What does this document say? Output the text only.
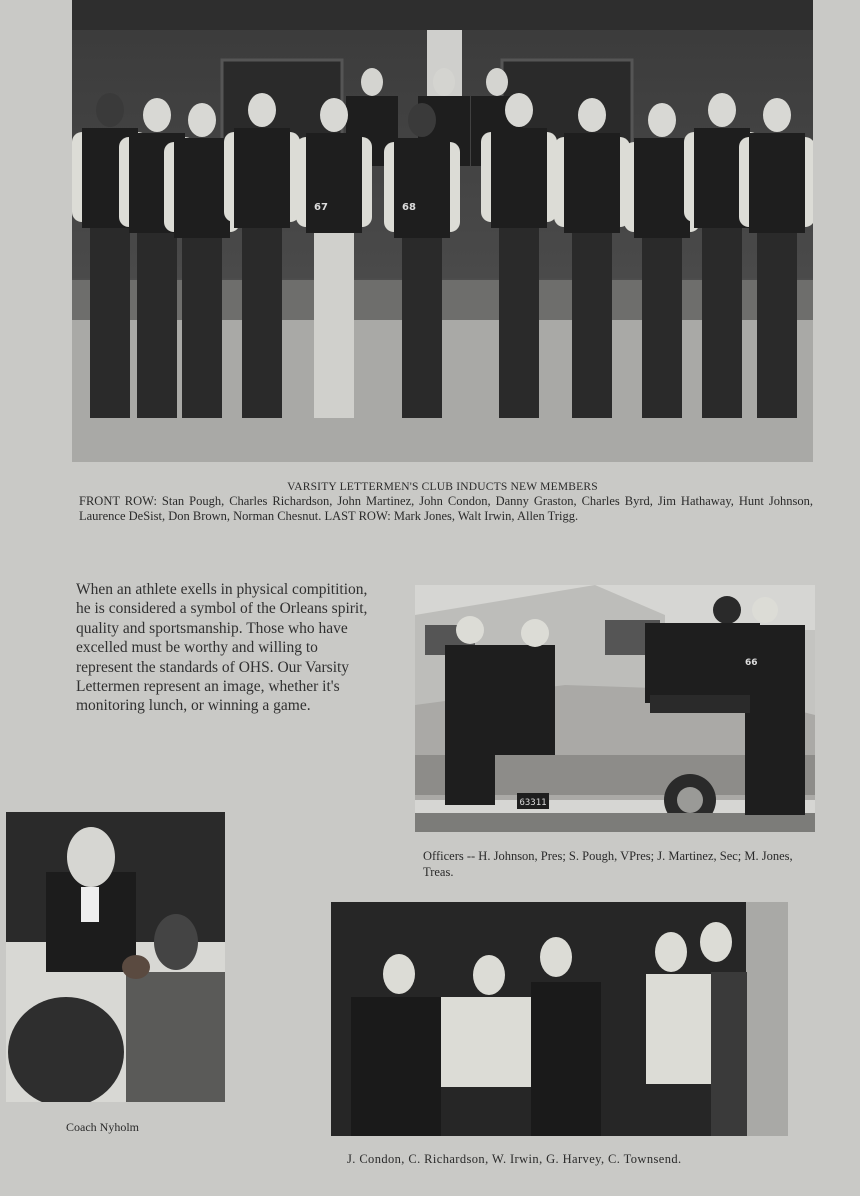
67	68
VARSITY LETTERMEN'S CLUB INDUCTS NEW MEMBERS
FRONT ROW: Stan Pough, Charles Richardson, John Martinez, John Condon, Danny Graston, Charles Byrd, Jim Hathaway, Hunt Johnson, Laurence DeSist, Don Brown, Norman Chesnut. LAST ROW: Mark Jones, Walt Irwin, Allen Trigg.
When an athlete exells in physical compitition, he is considered a symbol of the Orleans spirit, quality and sportsmanship. Those who have excelled must be worthy and willing to represent the standards of OHS. Our Varsity Lettermen represent an image, whether it's monitoring lunch, or winning a game.
63311
66
Officers -- H. Johnson, Pres; S. Pough, VPres; J. Martinez, Sec; M. Jones, Treas.
Coach Nyholm
J. Condon, C. Richardson, W. Irwin, G. Harvey, C. Townsend.
